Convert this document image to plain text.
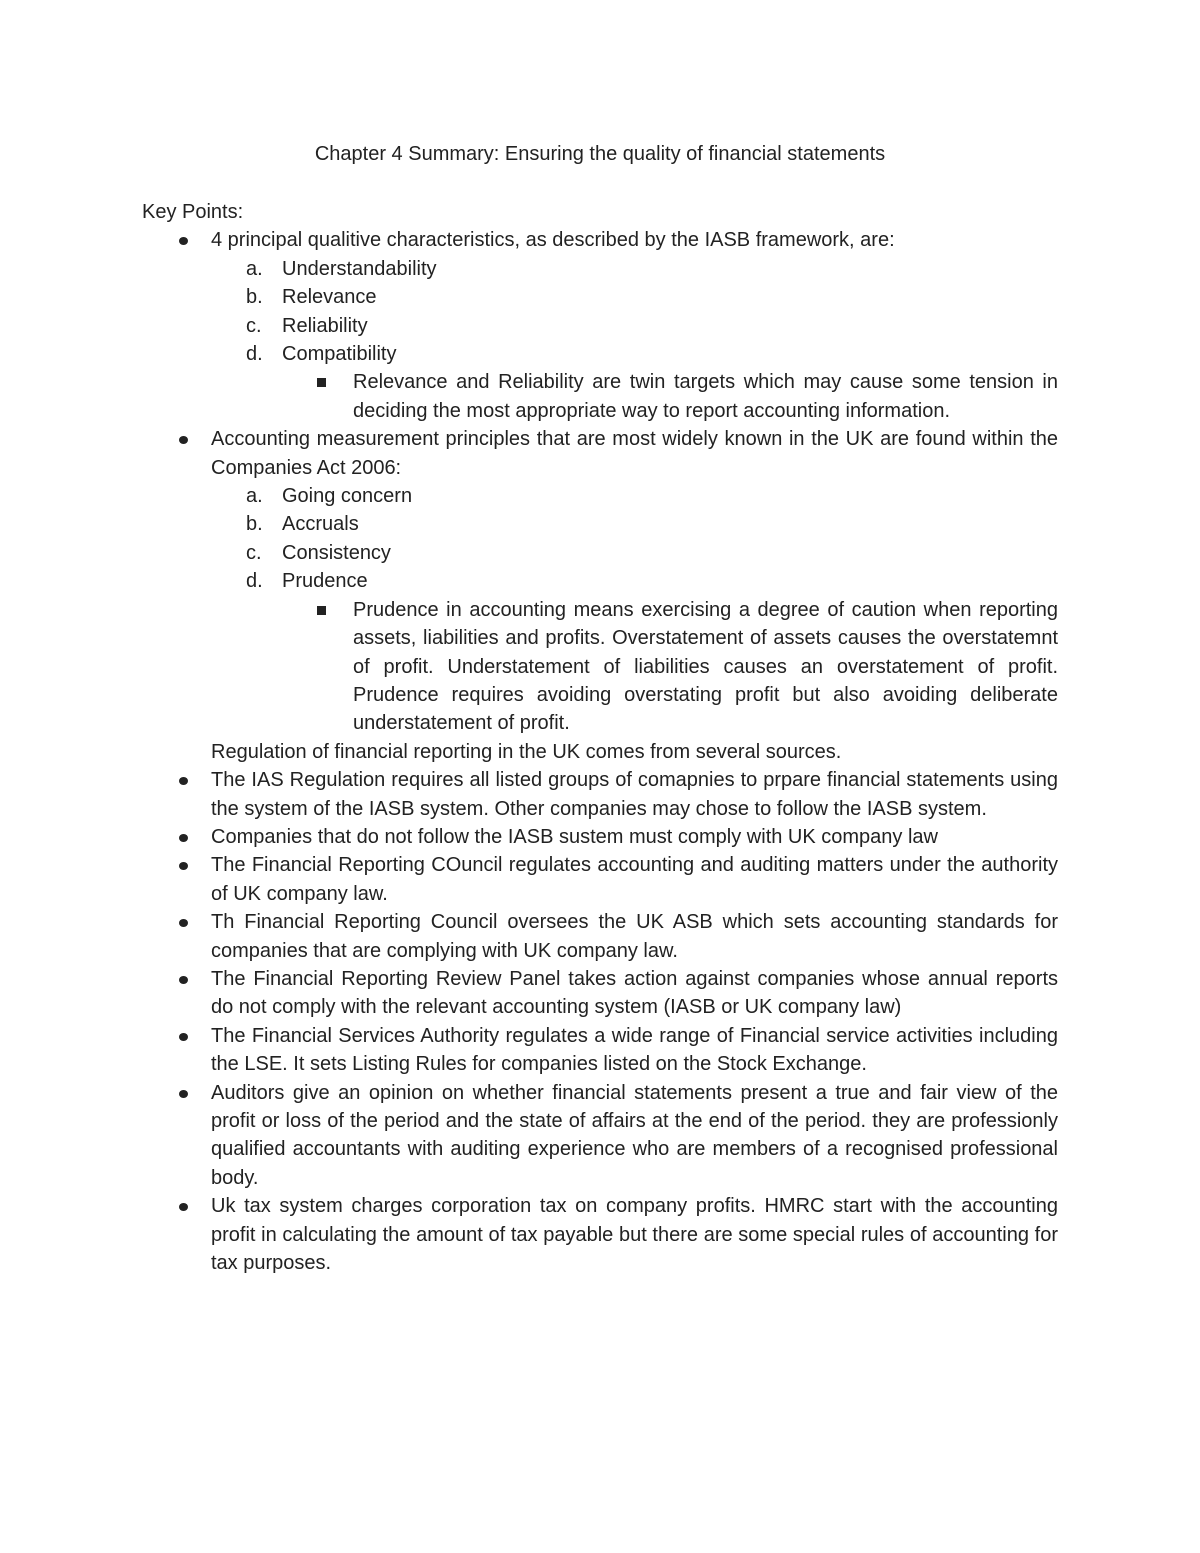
Chapter 4 Summary: Ensuring the quality of financial statements

Key Points:

4 principal qualitive characteristics, as described by the IASB framework, are:
a. Understandability
b. Relevance
c. Reliability
d. Compatibility
Relevance and Reliability are twin targets which may cause some tension in deciding the most appropriate way to report accounting information.
Accounting measurement principles that are most widely known in the UK are found within the Companies Act 2006:
a. Going concern
b. Accruals
c. Consistency
d. Prudence
Prudence in accounting means exercising a degree of caution when reporting assets, liabilities and profits. Overstatement of assets causes the overstatemnt of profit. Understatement of liabilities causes an overstatement of profit. Prudence requires avoiding overstating profit but also avoiding deliberate understatement of profit.
Regulation of financial reporting in the UK comes from several sources.
The IAS Regulation requires all listed groups of comapnies to prpare financial statements using the system of the IASB system. Other companies may chose to follow the IASB system.
Companies that do not follow the IASB sustem must comply with UK company law
The Financial Reporting COuncil regulates accounting and auditing matters under the authority of UK company law.
Th Financial Reporting Council oversees the UK ASB which sets accounting standards for companies that are complying with UK company law.
The Financial Reporting Review Panel takes action against companies whose annual reports do not comply with the relevant accounting system (IASB or UK company law)
The Financial Services Authority regulates a wide range of Financial service activities including the LSE. It sets Listing Rules for companies listed on the Stock Exchange.
Auditors give an opinion on whether financial statements present a true and fair view of the profit or loss of the period and the state of affairs at the end of the period. they are professionly qualified accountants with auditing experience who are members of a recognised professional body.
Uk tax system charges corporation tax on company profits. HMRC start with the accounting profit in calculating the amount of tax payable but there are some special rules of accounting for tax purposes.
